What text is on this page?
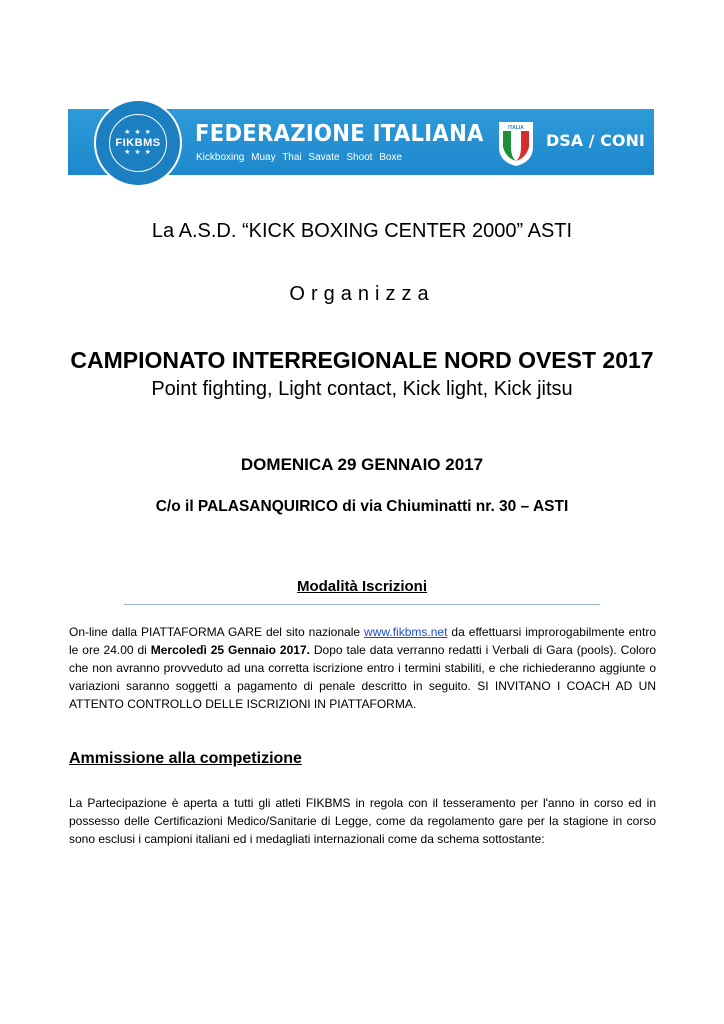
★ ★ ★
FIKBMS
★ ★ ★
FEDERAZIONE ITALIANA
Kickboxing Muay Thai Savate Shoot Boxe
ITALIA
DSA / CONI
La A.S.D. “KICK BOXING CENTER 2000” ASTI
Organizza
CAMPIONATO INTERREGIONALE NORD OVEST 2017
Point fighting, Light contact, Kick light, Kick jitsu
DOMENICA 29 GENNAIO 2017
C/o il PALASANQUIRICO di via Chiuminatti nr. 30 – ASTI
Modalità Iscrizioni
On-line dalla PIATTAFORMA GARE del sito nazionale www.fikbms.net da effettuarsi improrogabilmente entro le ore 24.00 di Mercoledì 25 Gennaio 2017. Dopo tale data verranno redatti i Verbali di Gara (pools). Coloro che non avranno provveduto ad una corretta iscrizione entro i termini stabiliti, e che richiederanno aggiunte o variazioni saranno soggetti a pagamento di penale descritto in seguito. SI INVITANO I COACH AD UN ATTENTO CONTROLLO DELLE ISCRIZIONI IN PIATTAFORMA.
Ammissione alla competizione
La Partecipazione è aperta a tutti gli atleti FIKBMS in regola con il tesseramento per l'anno in corso ed in possesso delle Certificazioni Medico/Sanitarie di Legge, come da regolamento gare per la stagione in corso sono esclusi i campioni italiani ed i medagliati internazionali come da schema sottostante:
